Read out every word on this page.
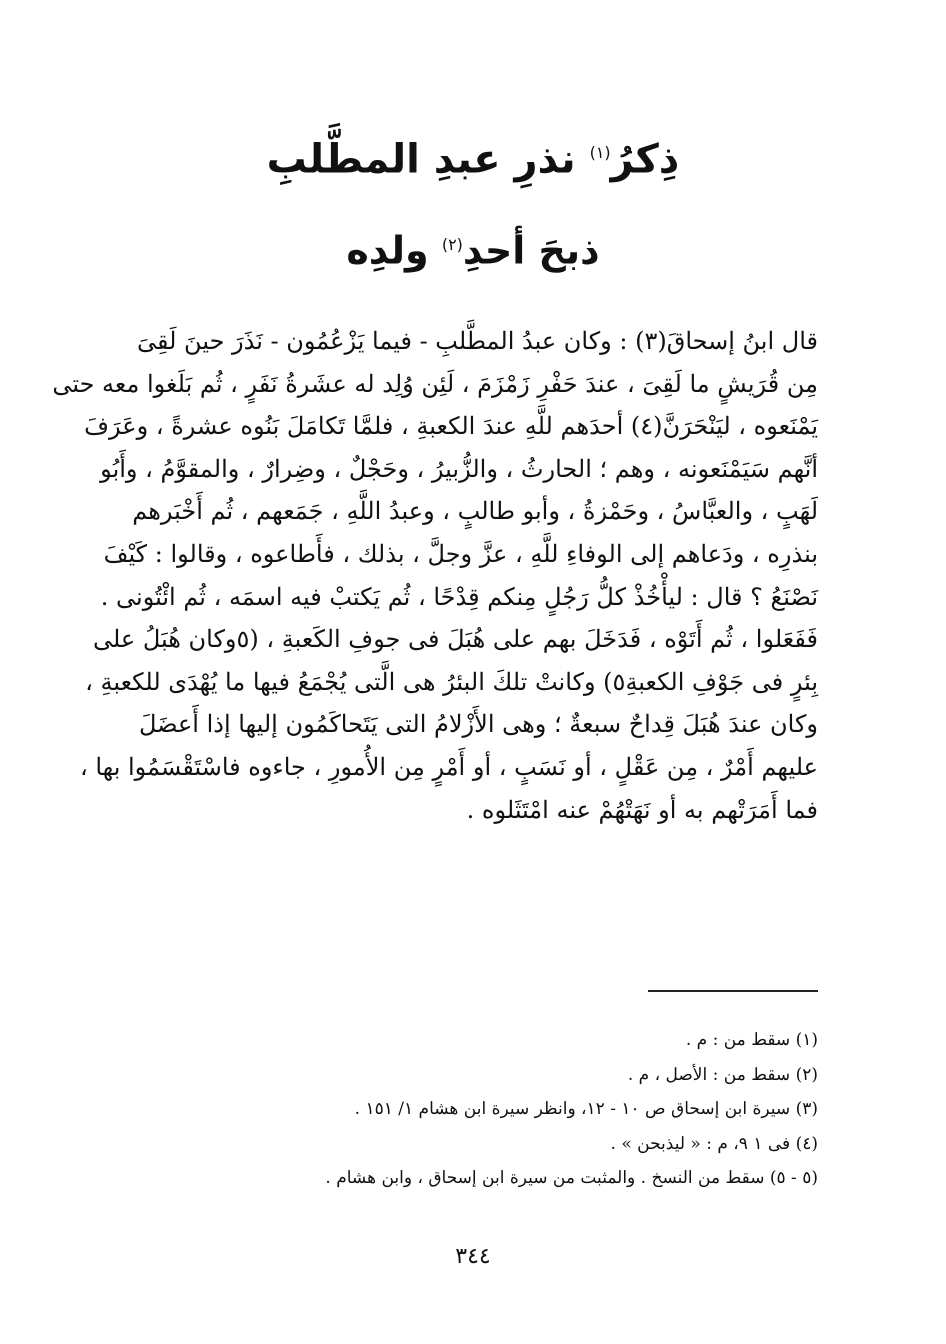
ذِكرُ$^{(١)}$ نذرِ عبدِ المطَّلبِ
ذبحَ أحدِ$^{(٢)}$ ولدِه
قال ابنُ إسحاقَ(٣) : وكان عبدُ المطَّلبِ - فيما يَزْعُمُون - نَذَرَ حينَ لَقِىَ
مِن قُرَيشٍ ما لَقِىَ ، عندَ حَفْرِ زَمْزَمَ ، لَئِن وُلِد له عشَرةُ نَفَرٍ ، ثُم بَلَغوا معه حتى
يَمْنَعوه ، ليَنْحَرَنَّ(٤) أحدَهم للَّهِ عندَ الكعبةِ ، فلمَّا تَكامَلَ بَنُوه عشرةً ، وعَرَفَ
أنَّهم سَيَمْنَعونه ، وهم ؛ الحارثُ ، والزُّبيرُ ، وحَجْلٌ ، وضِرارٌ ، والمقوَّمُ ، وأَبُو
لَهَبٍ ، والعبَّاسُ ، وحَمْزةُ ، وأبو طالبٍ ، وعبدُ اللَّهِ ، جَمَعهم ، ثُم أَخْبَرهم
بنذرِه ، ودَعاهم إلى الوفاءِ للَّهِ ، عزَّ وجلَّ ، بذلك ، فأَطاعوه ، وقالوا : كَيْفَ
نَصْنَعُ ؟ قال : ليأْخُذْ كلُّ رَجُلٍ مِنكم قِدْحًا ، ثُم يَكتبْ فيه اسمَه ، ثُم ائْتُونى .
فَفَعَلوا ، ثُم أَتَوْه ، فَدَخَلَ بهم على هُبَلَ فى جوفِ الكَعبةِ ، (٥وكان هُبَلُ على
بِئرٍ فى جَوْفِ الكعبةِ٥) وكانتْ تلكَ البئرُ هى الَّتى يُجْمَعُ فيها ما يُهْدَى للكعبةِ ،
وكان عندَ هُبَلَ قِداحٌ سبعةٌ ؛ وهى الأَزْلامُ التى يَتَحاكَمُون إليها إذا أَعضَلَ
عليهم أَمْرٌ ، مِن عَقْلٍ ، أو نَسَبٍ ، أو أَمْرٍ مِن الأُمورِ ، جاءوه فاسْتَقْسَمُوا بها ،
فما أَمَرَتْهم به أو نَهَتْهُمْ عنه امْتَثَلوه .
(١) سقط من : م .
(٢) سقط من : الأصل ، م .
(٣) سيرة ابن إسحاق ص ١٠ - ١٢، وانظر سيرة ابن هشام ١/ ١٥١ .
(٤) فى ١ ٩، م : « ليذبحن » .
(٥ - ٥) سقط من النسخ . والمثبت من سيرة ابن إسحاق ، وابن هشام .
٣٤٤
